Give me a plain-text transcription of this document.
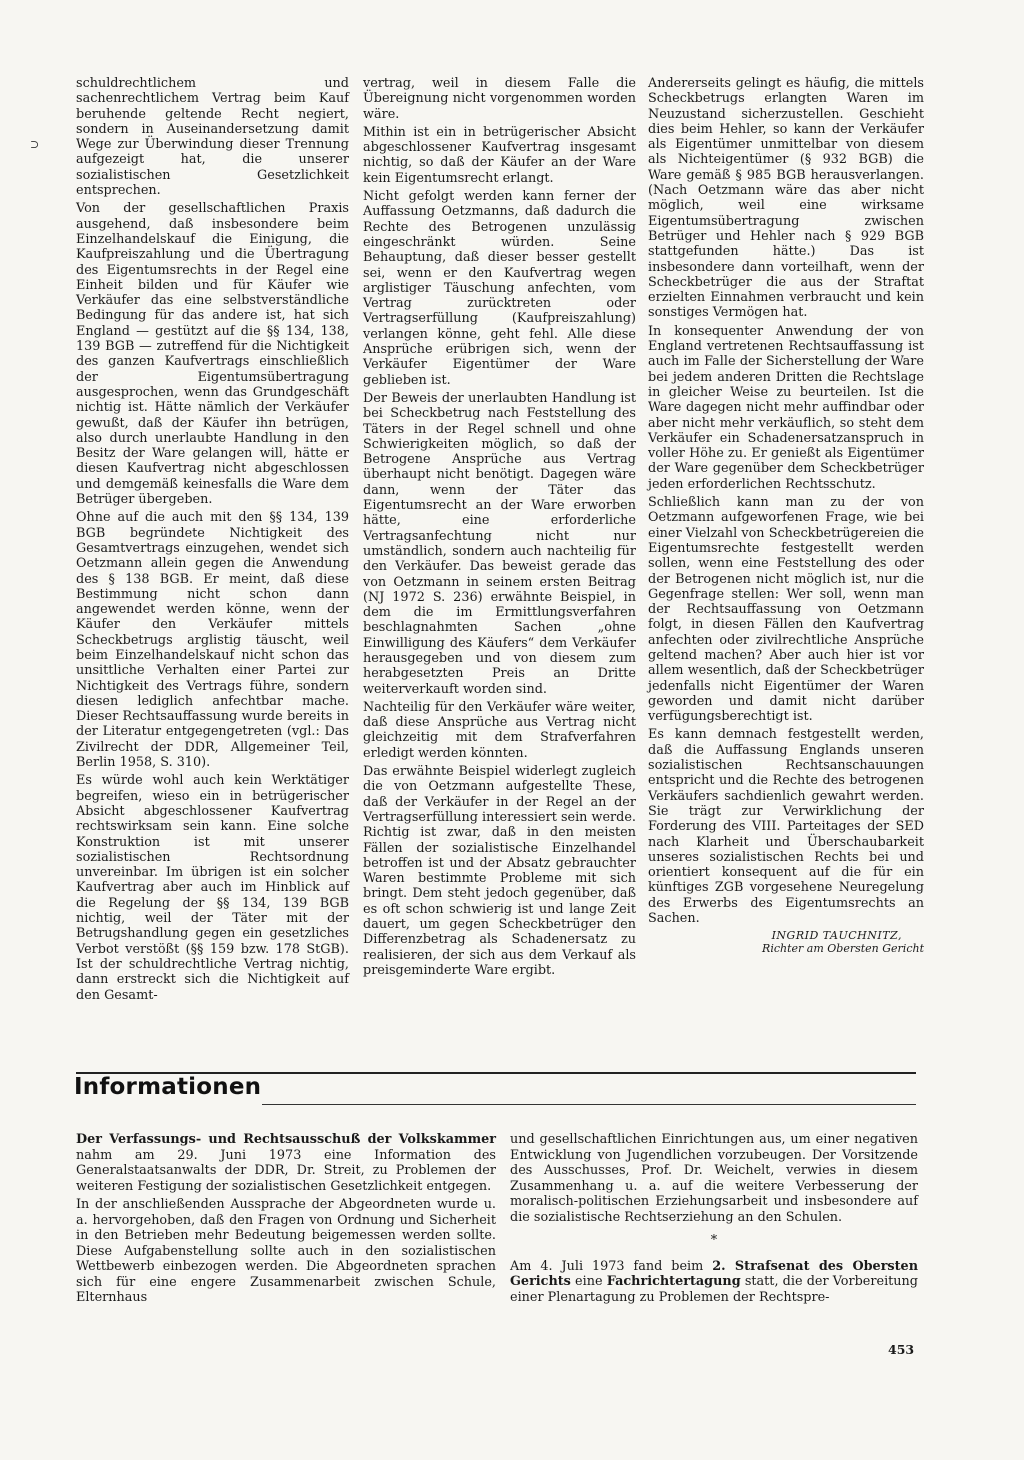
⊃

schuldrechtlichem und sachenrechtlichem Vertrag beim Kauf beruhende geltende Recht negiert, sondern in Auseinandersetzung damit Wege zur Überwindung dieser Trennung aufgezeigt hat, die unserer sozialistischen Gesetzlichkeit entsprechen.

Von der gesellschaftlichen Praxis ausgehend, daß insbesondere beim Einzelhandelskauf die Einigung, die Kaufpreiszahlung und die Übertragung des Eigentumsrechts in der Regel eine Einheit bilden und für Käufer wie Verkäufer das eine selbstverständliche Bedingung für das andere ist, hat sich England — gestützt auf die §§ 134, 138, 139 BGB — zutreffend für die Nichtigkeit des ganzen Kaufvertrags einschließlich der Eigentumsübertragung ausgesprochen, wenn das Grundgeschäft nichtig ist. Hätte nämlich der Verkäufer gewußt, daß der Käufer ihn betrügen, also durch unerlaubte Handlung in den Besitz der Ware gelangen will, hätte er diesen Kaufvertrag nicht abgeschlossen und demgemäß keinesfalls die Ware dem Betrüger übergeben.

Ohne auf die auch mit den §§ 134, 139 BGB begründete Nichtigkeit des Gesamtvertrags einzugehen, wendet sich Oetzmann allein gegen die Anwendung des § 138 BGB. Er meint, daß diese Bestimmung nicht schon dann angewendet werden könne, wenn der Käufer den Verkäufer mittels Scheckbetrugs arglistig täuscht, weil beim Einzelhandelskauf nicht schon das unsittliche Verhalten einer Partei zur Nichtigkeit des Vertrags führe, sondern diesen lediglich anfechtbar mache. Dieser Rechtsauffassung wurde bereits in der Literatur entgegengetreten (vgl.: Das Zivilrecht der DDR, Allgemeiner Teil, Berlin 1958, S. 310).

Es würde wohl auch kein Werktätiger begreifen, wieso ein in betrügerischer Absicht abgeschlossener Kaufvertrag rechtswirksam sein kann. Eine solche Konstruktion ist mit unserer sozialistischen Rechtsordnung unvereinbar. Im übrigen ist ein solcher Kaufvertrag aber auch im Hinblick auf die Regelung der §§ 134, 139 BGB nichtig, weil der Täter mit der Betrugshandlung gegen ein gesetzliches Verbot verstößt (§§ 159 bzw. 178 StGB). Ist der schuldrechtliche Vertrag nichtig, dann erstreckt sich die Nichtigkeit auf den Gesamt-

vertrag, weil in diesem Falle die Übereignung nicht vorgenommen worden wäre.

Mithin ist ein in betrügerischer Absicht abgeschlossener Kaufvertrag insgesamt nichtig, so daß der Käufer an der Ware kein Eigentumsrecht erlangt.

Nicht gefolgt werden kann ferner der Auffassung Oetzmanns, daß dadurch die Rechte des Betrogenen unzulässig eingeschränkt würden. Seine Behauptung, daß dieser besser gestellt sei, wenn er den Kaufvertrag wegen arglistiger Täuschung anfechten, vom Vertrag zurücktreten oder Vertragserfüllung (Kaufpreiszahlung) verlangen könne, geht fehl. Alle diese Ansprüche erübrigen sich, wenn der Verkäufer Eigentümer der Ware geblieben ist.

Der Beweis der unerlaubten Handlung ist bei Scheckbetrug nach Feststellung des Täters in der Regel schnell und ohne Schwierigkeiten möglich, so daß der Betrogene Ansprüche aus Vertrag überhaupt nicht benötigt. Dagegen wäre dann, wenn der Täter das Eigentumsrecht an der Ware erworben hätte, eine erforderliche Vertragsanfechtung nicht nur umständlich, sondern auch nachteilig für den Verkäufer. Das beweist gerade das von Oetzmann in seinem ersten Beitrag (NJ 1972 S. 236) erwähnte Beispiel, in dem die im Ermittlungsverfahren beschlagnahmten Sachen „ohne Einwilligung des Käufers“ dem Verkäufer herausgegeben und von diesem zum herabgesetzten Preis an Dritte weiterverkauft worden sind.

Nachteilig für den Verkäufer wäre weiter, daß diese Ansprüche aus Vertrag nicht gleichzeitig mit dem Strafverfahren erledigt werden könnten.

Das erwähnte Beispiel widerlegt zugleich die von Oetzmann aufgestellte These, daß der Verkäufer in der Regel an der Vertragserfüllung interessiert sein werde. Richtig ist zwar, daß in den meisten Fällen der sozialistische Einzelhandel betroffen ist und der Absatz gebrauchter Waren bestimmte Probleme mit sich bringt. Dem steht jedoch gegenüber, daß es oft schon schwierig ist und lange Zeit dauert, um gegen Scheckbetrüger den Differenzbetrag als Schadenersatz zu realisieren, der sich aus dem Verkauf als preisgeminderte Ware ergibt.

Andererseits gelingt es häufig, die mittels Scheckbetrugs erlangten Waren im Neuzustand sicherzustellen. Geschieht dies beim Hehler, so kann der Verkäufer als Eigentümer unmittelbar von diesem als Nichteigentümer (§ 932 BGB) die Ware gemäß § 985 BGB herausverlangen. (Nach Oetzmann wäre das aber nicht möglich, weil eine wirksame Eigentumsübertragung zwischen Betrüger und Hehler nach § 929 BGB stattgefunden hätte.) Das ist insbesondere dann vorteilhaft, wenn der Scheckbetrüger die aus der Straftat erzielten Einnahmen verbraucht und kein sonstiges Vermögen hat.

In konsequenter Anwendung der von England vertretenen Rechtsauffassung ist auch im Falle der Sicherstellung der Ware bei jedem anderen Dritten die Rechtslage in gleicher Weise zu beurteilen. Ist die Ware dagegen nicht mehr auffindbar oder aber nicht mehr verkäuflich, so steht dem Verkäufer ein Schadenersatzanspruch in voller Höhe zu. Er genießt als Eigentümer der Ware gegenüber dem Scheckbetrüger jeden erforderlichen Rechtsschutz.

Schließlich kann man zu der von Oetzmann aufgeworfenen Frage, wie bei einer Vielzahl von Scheckbetrügereien die Eigentumsrechte festgestellt werden sollen, wenn eine Feststellung des oder der Betrogenen nicht möglich ist, nur die Gegenfrage stellen: Wer soll, wenn man der Rechtsauffassung von Oetzmann folgt, in diesen Fällen den Kaufvertrag anfechten oder zivilrechtliche Ansprüche geltend machen? Aber auch hier ist vor allem wesentlich, daß der Scheckbetrüger jedenfalls nicht Eigentümer der Waren geworden und damit nicht darüber verfügungsberechtigt ist.

Es kann demnach festgestellt werden, daß die Auffassung Englands unseren sozialistischen Rechtsanschauungen entspricht und die Rechte des betrogenen Verkäufers sachdienlich gewahrt werden. Sie trägt zur Verwirklichung der Forderung des VIII. Parteitages der SED nach Klarheit und Überschaubarkeit unseres sozialistischen Rechts bei und orientiert konsequent auf die für ein künftiges ZGB vorgesehene Neuregelung des Erwerbs des Eigentumsrechts an Sachen.

INGRID TAUCHNITZ,
Richter am Obersten Gericht
Informationen

Der Verfassungs- und Rechtsausschuß der Volkskammer nahm am 29. Juni 1973 eine Information des Generalstaatsanwalts der DDR, Dr. Streit, zu Problemen der weiteren Festigung der sozialistischen Gesetzlichkeit entgegen.

In der anschließenden Aussprache der Abgeordneten wurde u. a. hervorgehoben, daß den Fragen von Ordnung und Sicherheit in den Betrieben mehr Bedeutung beigemessen werden sollte. Diese Aufgabenstellung sollte auch in den sozialistischen Wettbewerb einbezogen werden. Die Abgeordneten sprachen sich für eine engere Zusammenarbeit zwischen Schule, Elternhaus

und gesellschaftlichen Einrichtungen aus, um einer negativen Entwicklung von Jugendlichen vorzubeugen. Der Vorsitzende des Ausschusses, Prof. Dr. Weichelt, verwies in diesem Zusammenhang u. a. auf die weitere Verbesserung der moralisch-politischen Erziehungsarbeit und insbesondere auf die sozialistische Rechtserziehung an den Schulen.

*

Am 4. Juli 1973 fand beim 2. Strafsenat des Obersten Gerichts eine Fachrichtertagung statt, die der Vorbereitung einer Plenartagung zu Problemen der Rechtspre-

453
